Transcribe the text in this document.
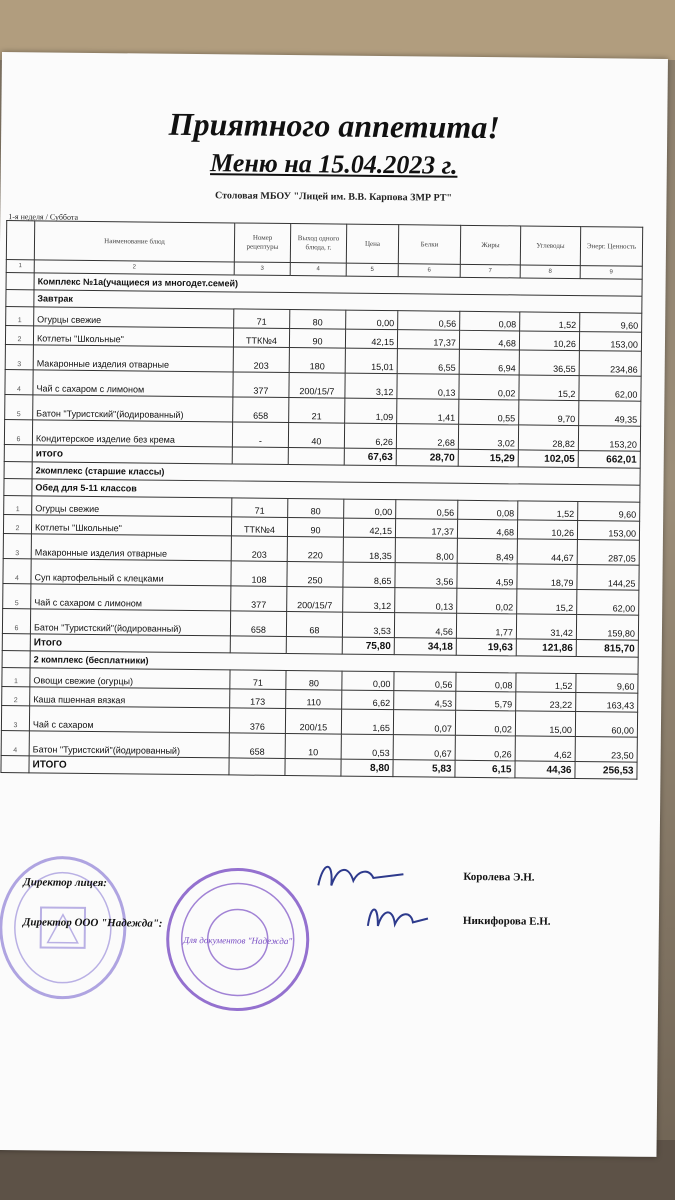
Приятного аппетита!
Меню на 15.04.2023 г.
Столовая МБОУ "Лицей им. В.В. Карпова ЗМР РТ"
1-я неделя / Суббота
	Наименование блюд	Номер рецептуры	Выход одного блюда, г.	Цена	Белки	Жиры	Углеводы	Энерг. Ценность
1	2	3	4	5	6	7	8	9
	Комплекс №1а(учащиеся из многодет.семей)							
	Завтрак							
1	Огурцы свежие	71	80	0,00	0,56	0,08	1,52	9,60
2	Котлеты "Школьные"	ТТК№4	90	42,15	17,37	4,68	10,26	153,00
3	Макаронные изделия отварные	203	180	15,01	6,55	6,94	36,55	234,86
4	Чай с сахаром с лимоном	377	200/15/7	3,12	0,13	0,02	15,2	62,00
5	Батон "Туристский"(йодированный)	658	21	1,09	1,41	0,55	9,70	49,35
6	Кондитерское изделие без крема	-	40	6,26	2,68	3,02	28,82	153,20
	итого			67,63	28,70	15,29	102,05	662,01
	2комплекс (старшие классы)							
	Обед для 5-11 классов							
1	Огурцы свежие	71	80	0,00	0,56	0,08	1,52	9,60
2	Котлеты "Школьные"	ТТК№4	90	42,15	17,37	4,68	10,26	153,00
3	Макаронные изделия отварные	203	220	18,35	8,00	8,49	44,67	287,05
4	Суп картофельный с клецками	108	250	8,65	3,56	4,59	18,79	144,25
5	Чай с сахаром с лимоном	377	200/15/7	3,12	0,13	0,02	15,2	62,00
6	Батон "Туристский"(йодированный)	658	68	3,53	4,56	1,77	31,42	159,80
	Итого			75,80	34,18	19,63	121,86	815,70
	2 комплекс (бесплатники)							
1	Овощи свежие (огурцы)	71	80	0,00	0,56	0,08	1,52	9,60
2	Каша пшенная вязкая	173	110	6,62	4,53	5,79	23,22	163,43
3	Чай с сахаром	376	200/15	1,65	0,07	0,02	15,00	60,00
4	Батон "Туристский"(йодированный)	658	10	0,53	0,67	0,26	4,62	23,50
	ИТОГО			8,80	5,83	6,15	44,36	256,53
Для документов "Надежда"
Директор лицея:	Королева Э.Н.
Директор ООО "Надежда":	Никифорова Е.Н.
